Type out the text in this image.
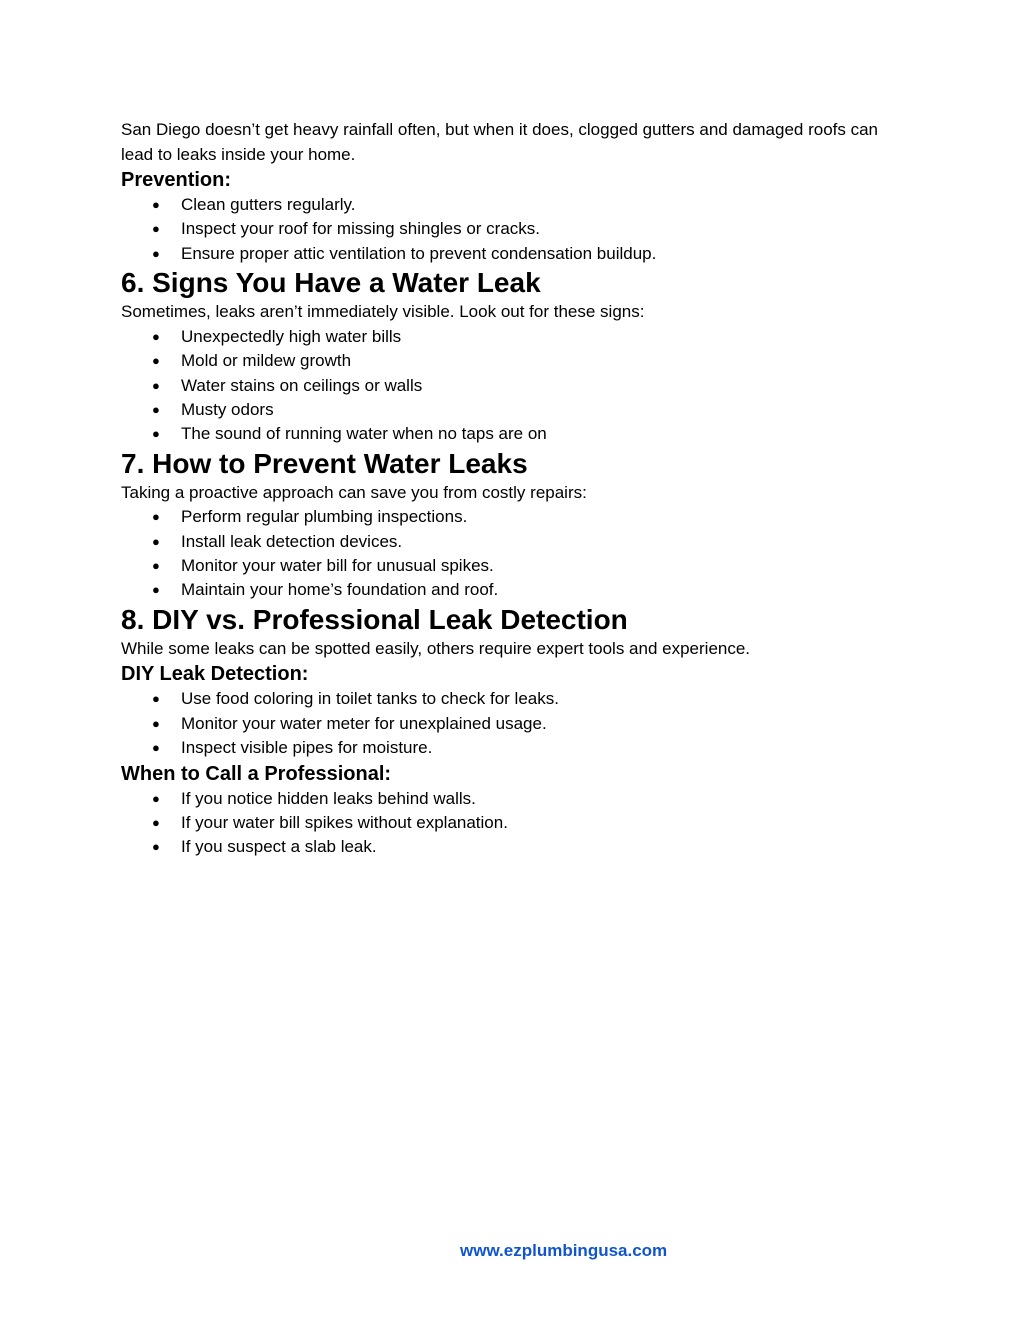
San Diego doesn’t get heavy rainfall often, but when it does, clogged gutters and damaged roofs can lead to leaks inside your home.

Prevention:
● Clean gutters regularly.
● Inspect your roof for missing shingles or cracks.
● Ensure proper attic ventilation to prevent condensation buildup.
6. Signs You Have a Water Leak

Sometimes, leaks aren’t immediately visible. Look out for these signs:

● Unexpectedly high water bills
● Mold or mildew growth
● Water stains on ceilings or walls
● Musty odors
● The sound of running water when no taps are on
7. How to Prevent Water Leaks

Taking a proactive approach can save you from costly repairs:

● Perform regular plumbing inspections.
● Install leak detection devices.
● Monitor your water bill for unusual spikes.
● Maintain your home’s foundation and roof.
8. DIY vs. Professional Leak Detection

While some leaks can be spotted easily, others require expert tools and experience.

DIY Leak Detection:
● Use food coloring in toilet tanks to check for leaks.
● Monitor your water meter for unexplained usage.
● Inspect visible pipes for moisture.
When to Call a Professional:
● If you notice hidden leaks behind walls.
● If your water bill spikes without explanation.
● If you suspect a slab leak.
www.ezplumbingusa.com
